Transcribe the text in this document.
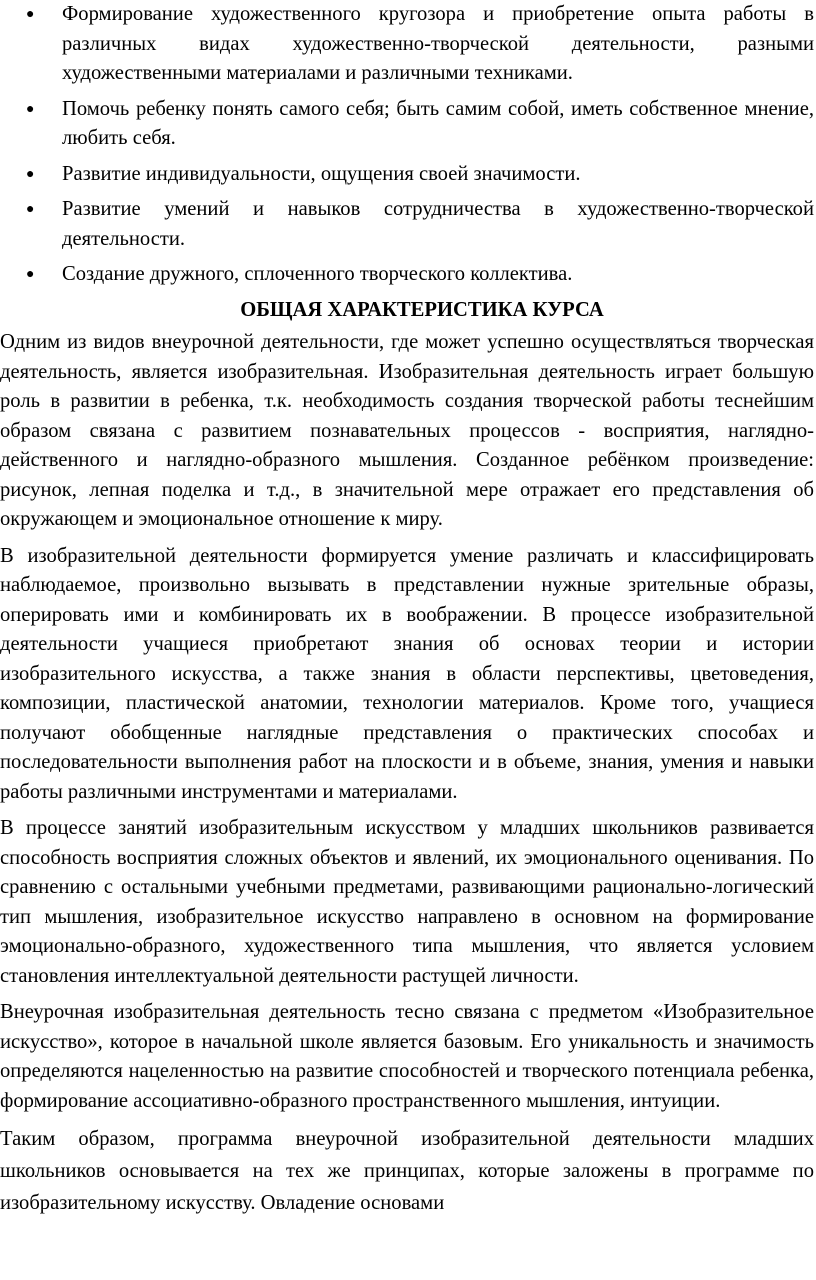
● Формирование художественного кругозора и приобретение опыта работы в различных видах художественно-творческой деятельности, разными художественными материалами и различными техниками.
● Помочь ребенку понять самого себя; быть самим собой, иметь собственное мнение, любить себя.
● Развитие индивидуальности, ощущения своей значимости.
● Развитие умений и навыков сотрудничества в художественно-творческой деятельности.
● Создание дружного, сплоченного творческого коллектива.
ОБЩАЯ ХАРАКТЕРИСТИКА КУРСА

Одним из видов внеурочной деятельности, где может успешно осуществляться творческая деятельность, является изобразительная. Изобразительная деятельность играет большую роль в развитии в ребенка, т.к. необходимость создания творческой работы теснейшим образом связана с развитием познавательных процессов - восприятия, наглядно-действенного и наглядно-образного мышления. Созданное ребёнком произведение: рисунок, лепная поделка и т.д., в значительной мере отражает его представления об окружающем и эмоциональное отношение к миру.

В изобразительной деятельности формируется умение различать и классифицировать наблюдаемое, произвольно вызывать в представлении нужные зрительные образы, оперировать ими и комбинировать их в воображении. В процессе изобразительной деятельности учащиеся приобретают знания об основах теории и истории изобразительного искусства, а также знания в области перспективы, цветоведения, композиции, пластической анатомии, технологии материалов. Кроме того, учащиеся получают обобщенные наглядные представления о практических способах и последовательности выполнения работ на плоскости и в объеме, знания, умения и навыки работы различными инструментами и материалами.

В процессе занятий изобразительным искусством у младших школьников развивается способность восприятия сложных объектов и явлений, их эмоционального оценивания. По сравнению с остальными учебными предметами, развивающими рационально-логический тип мышления, изобразительное искусство направлено в основном на формирование эмоционально-образного, художественного типа мышления, что является условием становления интеллектуальной деятельности растущей личности.

Внеурочная изобразительная деятельность тесно связана с предметом «Изобразительное искусство», которое в начальной школе является базовым. Его уникальность и значимость определяются нацеленностью на развитие способностей и творческого потенциала ребенка, формирование ассоциативно-образного пространственного мышления, интуиции.

Таким образом, программа внеурочной изобразительной деятельности младших школьников основывается на тех же принципах, которые заложены в программе по изобразительному искусству. Овладение основами
